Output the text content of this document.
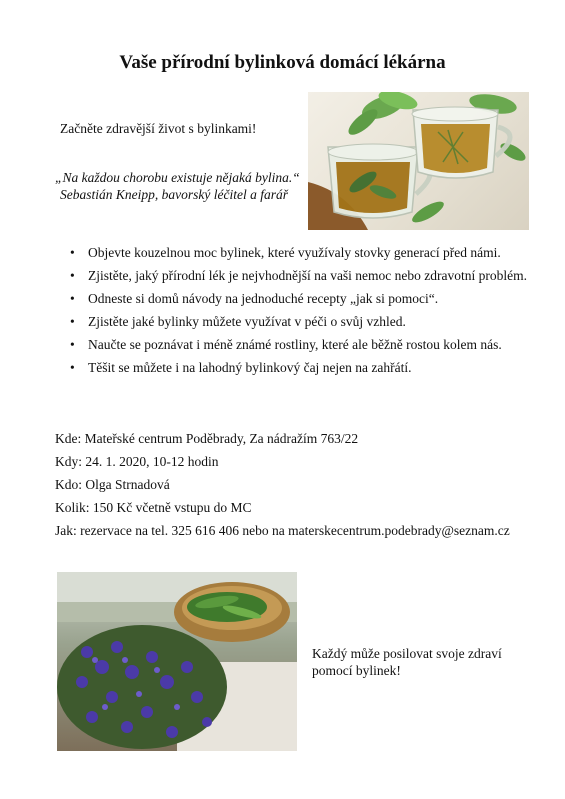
Vaše přírodní bylinková domácí lékárna
Začněte zdravější život s bylinkami!
„Na každou chorobu existuje nějaká bylina.“
Sebastián Kneipp, bavorský léčitel a farář
• Objevte kouzelnou moc bylinek, které využívaly stovky generací před námi.
• Zjistěte, jaký přírodní lék je nejvhodnější na vaši nemoc nebo zdravotní problém.
• Odneste si domů návody na jednoduché recepty „jak si pomoci“.
• Zjistěte jaké bylinky můžete využívat v péči o svůj vzhled.
• Naučte se poznávat i méně známé rostliny, které ale běžně rostou kolem nás.
• Těšit se můžete i na lahodný bylinkový čaj nejen na zahřátí.
Kde: Mateřské centrum Poděbrady, Za nádražím 763/22
Kdy: 24. 1. 2020, 10-12 hodin
Kdo: Olga Strnadová
Kolik: 150 Kč včetně vstupu do MC
Jak: rezervace na tel. 325 616 406 nebo na materskecentrum.podebrady@seznam.cz
Každý může posilovat svoje zdraví pomocí bylinek!
